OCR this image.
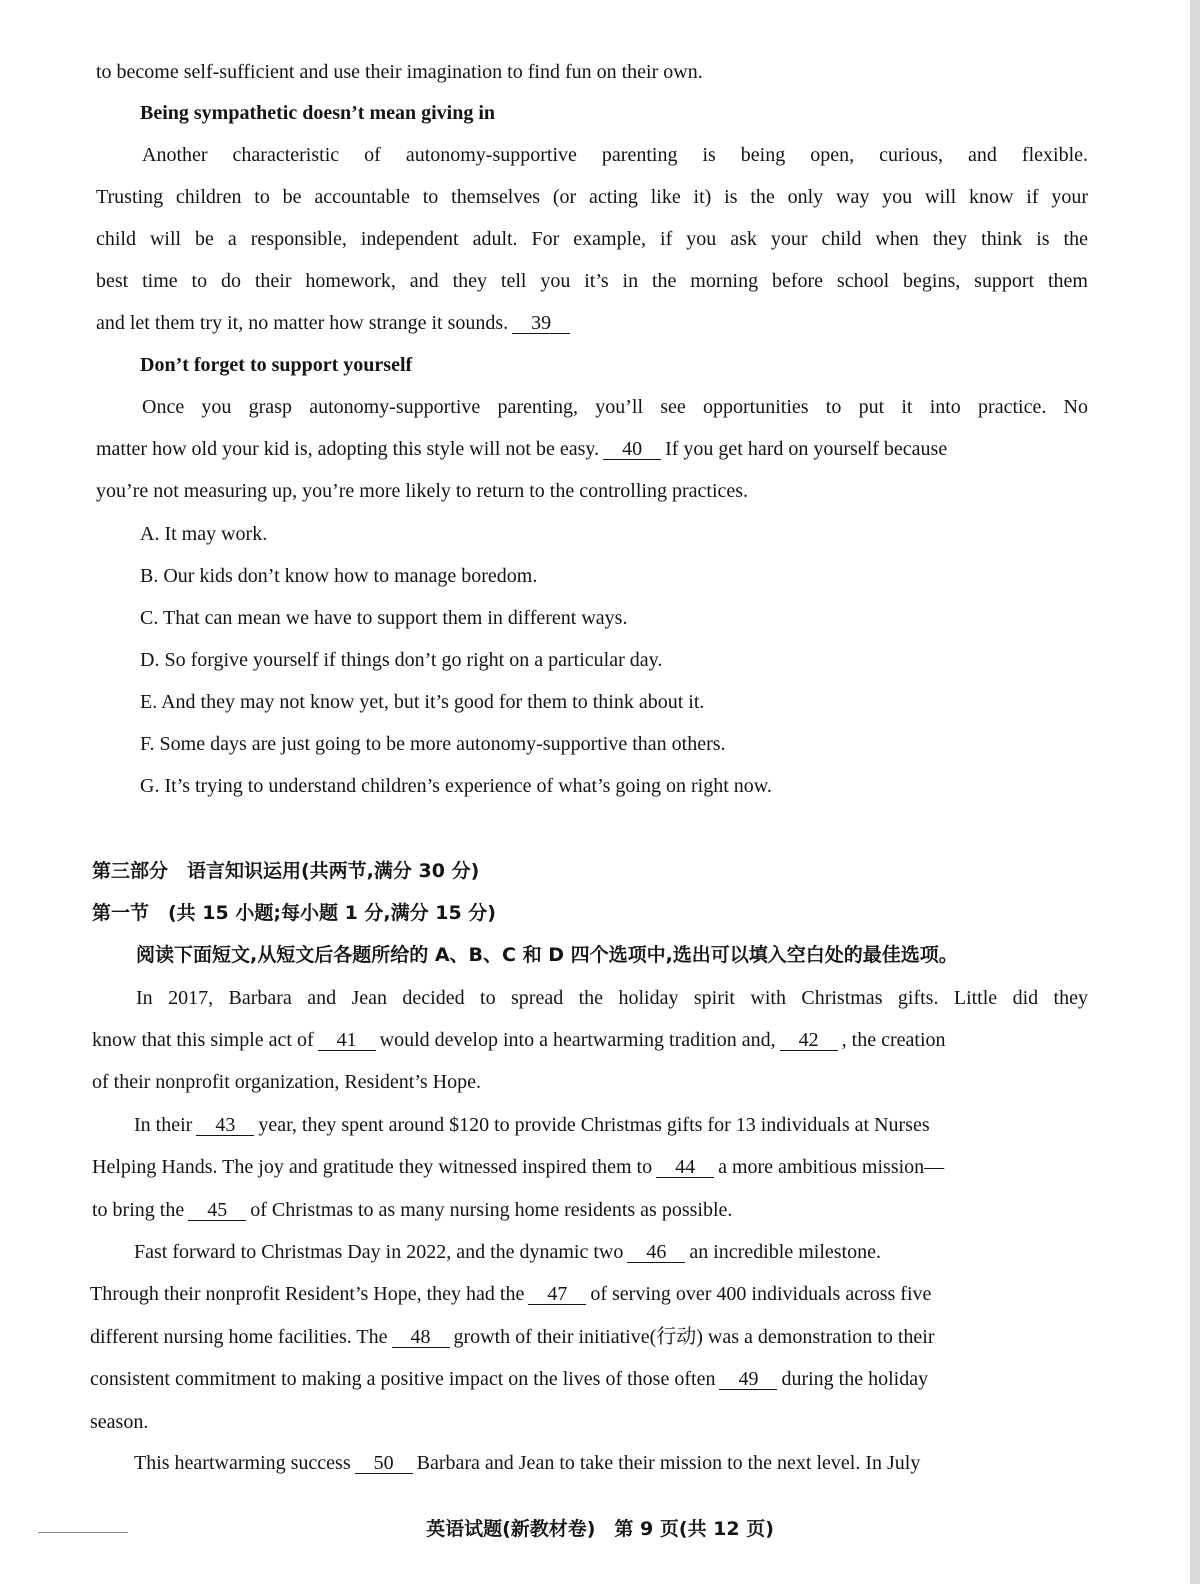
to become self-sufficient and use their imagination to find fun on their own.
Being sympathetic doesn’t mean giving in
Another characteristic of autonomy-supportive parenting is being open, curious, and flexible.
Trusting children to be accountable to themselves (or acting like it) is the only way you will know if your
child will be a responsible, independent adult. For example, if you ask your child when they think is the
best time to do their homework, and they tell you it’s in the morning before school begins, support them
and let them try it, no matter how strange it sounds. 39
Don’t forget to support yourself
Once you grasp autonomy-supportive parenting, you’ll see opportunities to put it into practice. No
matter how old your kid is, adopting this style will not be easy. 40 If you get hard on yourself because
you’re not measuring up, you’re more likely to return to the controlling practices.
A. It may work.
B. Our kids don’t know how to manage boredom.
C. That can mean we have to support them in different ways.
D. So forgive yourself if things don’t go right on a particular day.
E. And they may not know yet, but it’s good for them to think about it.
F. Some days are just going to be more autonomy-supportive than others.
G. It’s trying to understand children’s experience of what’s going on right now.
第三部分　语言知识运用(共两节,满分 30 分)
第一节　(共 15 小题;每小题 1 分,满分 15 分)
阅读下面短文,从短文后各题所给的 A、B、C 和 D 四个选项中,选出可以填入空白处的最佳选项。
In 2017, Barbara and Jean decided to spread the holiday spirit with Christmas gifts. Little did they
know that this simple act of 41 would develop into a heartwarming tradition and, 42 , the creation
of their nonprofit organization, Resident’s Hope.
In their 43 year, they spent around $120 to provide Christmas gifts for 13 individuals at Nurses
Helping Hands. The joy and gratitude they witnessed inspired them to 44 a more ambitious mission—
to bring the 45 of Christmas to as many nursing home residents as possible.
Fast forward to Christmas Day in 2022, and the dynamic two 46 an incredible milestone.
Through their nonprofit Resident’s Hope, they had the 47 of serving over 400 individuals across five
different nursing home facilities. The 48 growth of their initiative(行动) was a demonstration to their
consistent commitment to making a positive impact on the lives of those often 49 during the holiday
season.
This heartwarming success 50 Barbara and Jean to take their mission to the next level. In July
英语试题(新教材卷)　第 9 页(共 12 页)
